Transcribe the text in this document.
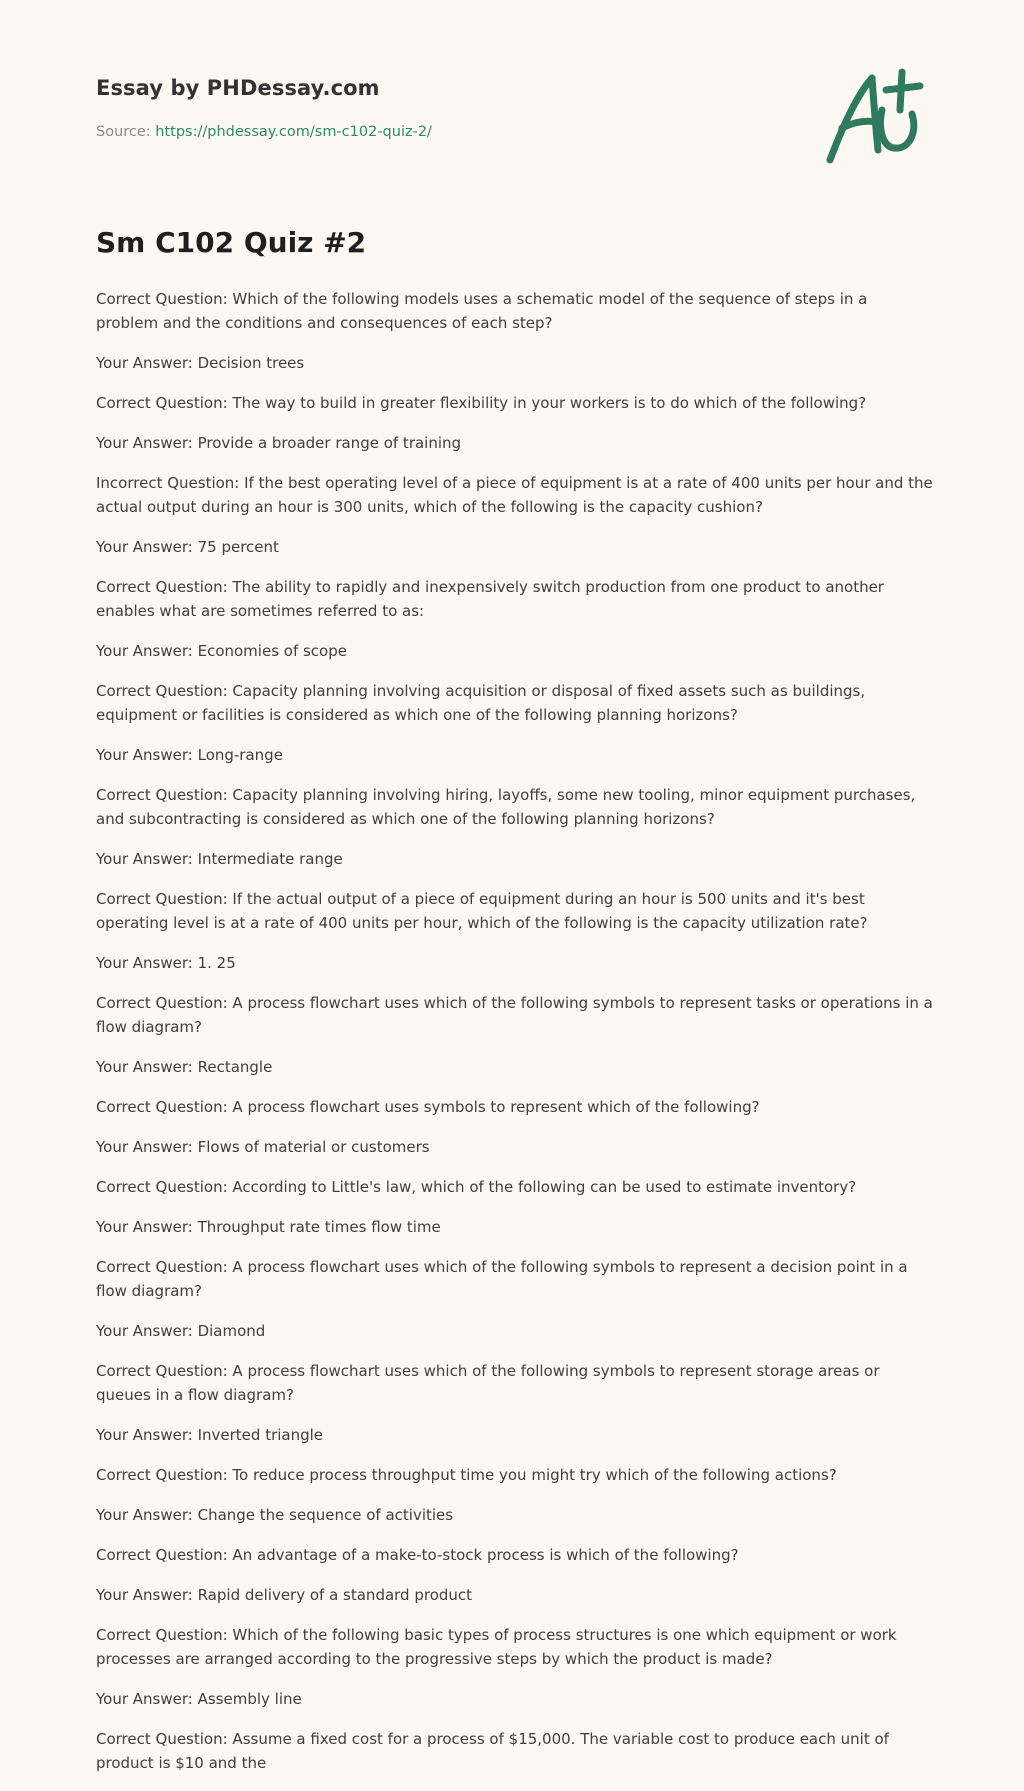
Essay by PHDessay.com
Source: https://phdessay.com/sm-c102-quiz-2/
Sm C102 Quiz #2

Correct Question: Which of the following models uses a schematic model of the sequence of steps in a problem and the conditions and consequences of each step?

Your Answer: Decision trees

Correct Question: The way to build in greater flexibility in your workers is to do which of the following?

Your Answer: Provide a broader range of training

Incorrect Question: If the best operating level of a piece of equipment is at a rate of 400 units per hour and the actual output during an hour is 300 units, which of the following is the capacity cushion?

Your Answer: 75 percent

Correct Question: The ability to rapidly and inexpensively switch production from one product to another enables what are sometimes referred to as:

Your Answer: Economies of scope

Correct Question: Capacity planning involving acquisition or disposal of fixed assets such as buildings, equipment or facilities is considered as which one of the following planning horizons?

Your Answer: Long-range

Correct Question: Capacity planning involving hiring, layoffs, some new tooling, minor equipment purchases, and subcontracting is considered as which one of the following planning horizons?

Your Answer: Intermediate range

Correct Question: If the actual output of a piece of equipment during an hour is 500 units and it's best operating level is at a rate of 400 units per hour, which of the following is the capacity utilization rate?

Your Answer: 1. 25

Correct Question: A process flowchart uses which of the following symbols to represent tasks or operations in a flow diagram?

Your Answer: Rectangle

Correct Question: A process flowchart uses symbols to represent which of the following?

Your Answer: Flows of material or customers

Correct Question: According to Little's law, which of the following can be used to estimate inventory?

Your Answer: Throughput rate times flow time

Correct Question: A process flowchart uses which of the following symbols to represent a decision point in a flow diagram?

Your Answer: Diamond

Correct Question: A process flowchart uses which of the following symbols to represent storage areas or queues in a flow diagram?

Your Answer: Inverted triangle

Correct Question: To reduce process throughput time you might try which of the following actions?

Your Answer: Change the sequence of activities

Correct Question: An advantage of a make-to-stock process is which of the following?

Your Answer: Rapid delivery of a standard product

Correct Question: Which of the following basic types of process structures is one which equipment or work processes are arranged according to the progressive steps by which the product is made?

Your Answer: Assembly line

Correct Question: Assume a fixed cost for a process of $15,000. The variable cost to produce each unit of product is $10 and the
